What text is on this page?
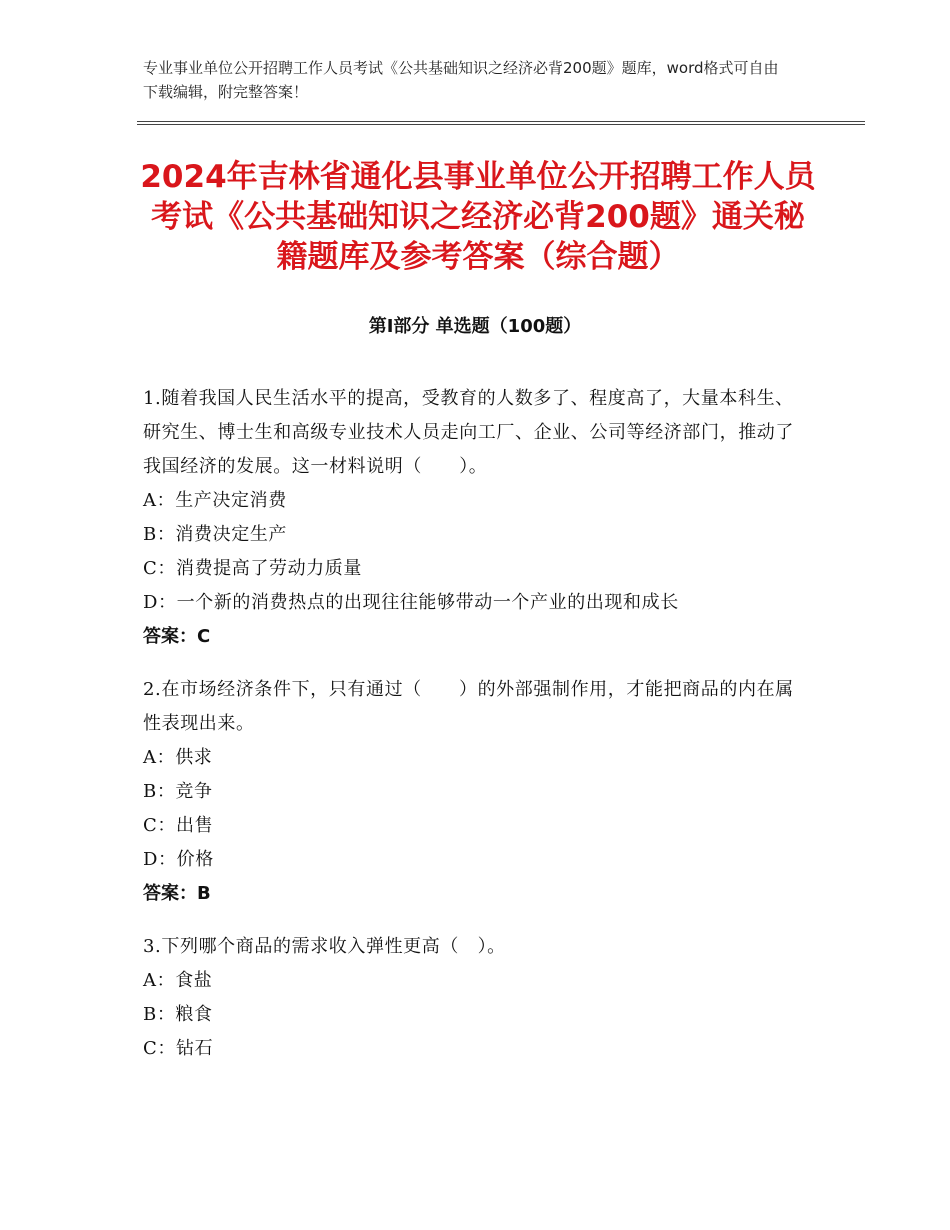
专业事业单位公开招聘工作人员考试《公共基础知识之经济必背200题》题库，word格式可自由下载编辑，附完整答案！
2024年吉林省通化县事业单位公开招聘工作人员考试《公共基础知识之经济必背200题》通关秘籍题库及参考答案（综合题）
第Ⅰ部分 单选题（100题）
1.随着我国人民生活水平的提高，受教育的人数多了、程度高了，大量本科生、研究生、博士生和高级专业技术人员走向工厂、企业、公司等经济部门，推动了我国经济的发展。这一材料说明（　　）。
A：生产决定消费
B：消费决定生产
C：消费提高了劳动力质量
D：一个新的消费热点的出现往往能够带动一个产业的出现和成长
答案：C
2.在市场经济条件下，只有通过（　　）的外部强制作用，才能把商品的内在属性表现出来。
A：供求
B：竞争
C：出售
D：价格
答案：B
3.下列哪个商品的需求收入弹性更高（　）。
A：食盐
B：粮食
C：钻石
